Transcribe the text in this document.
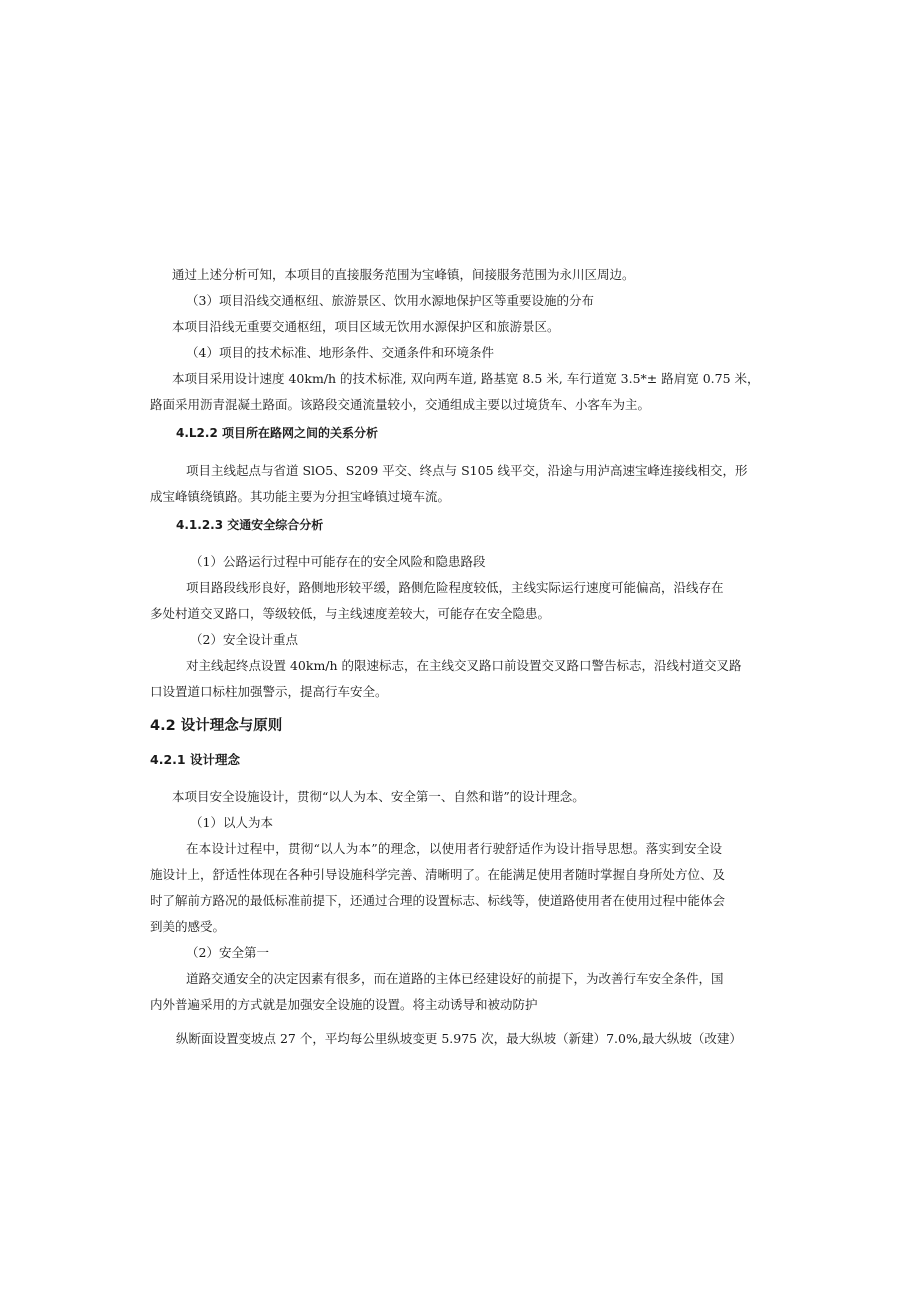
通过上述分析可知，本项目的直接服务范围为宝峰镇，间接服务范围为永川区周边。

（3）项目沿线交通枢纽、旅游景区、饮用水源地保护区等重要设施的分布

本项目沿线无重要交通枢纽，项目区域无饮用水源保护区和旅游景区。

（4）项目的技术标准、地形条件、交通条件和环境条件

本项目采用设计速度 40km/h 的技术标准, 双向两车道, 路基宽 8.5 米, 车行道宽 3.5*± 路肩宽 0.75 米，

路面采用沥青混凝土路面。该路段交通流量较小，交通组成主要以过境货车、小客车为主。

4.L2.2 项目所在路网之间的关系分析

项目主线起点与省道 SlO5、S209 平交、终点与 S105 线平交，沿途与用泸高速宝峰连接线相交，形

成宝峰镇绕镇路。其功能主要为分担宝峰镇过境车流。

4.1.2.3 交通安全综合分析

（1）公路运行过程中可能存在的安全风险和隐患路段

项目路段线形良好，路侧地形较平缓，路侧危险程度较低，主线实际运行速度可能偏高，沿线存在

多处村道交叉路口，等级较低，与主线速度差较大，可能存在安全隐患。

（2）安全设计重点

对主线起终点设置 40km/h 的限速标志，在主线交叉路口前设置交叉路口警告标志，沿线村道交叉路

口设置道口标柱加强警示，提高行车安全。

4.2 设计理念与原则

4.2.1 设计理念

本项目安全设施设计，贯彻“以人为本、安全第一、自然和谐”的设计理念。

（1）以人为本

在本设计过程中，贯彻“以人为本”的理念，以使用者行驶舒适作为设计指导思想。落实到安全设

施设计上，舒适性体现在各种引导设施科学完善、清晰明了。在能满足使用者随时掌握自身所处方位、及

时了解前方路况的最低标准前提下，还通过合理的设置标志、标线等，使道路使用者在使用过程中能体会

到美的感受。

（2）安全第一

道路交通安全的决定因素有很多，而在道路的主体已经建设好的前提下，为改善行车安全条件，国

内外普遍采用的方式就是加强安全设施的设置。将主动诱导和被动防护

纵断面设置变坡点 27 个，平均每公里纵坡变更 5.975 次，最大纵坡（新建）7.0%,最大纵坡（改建）
